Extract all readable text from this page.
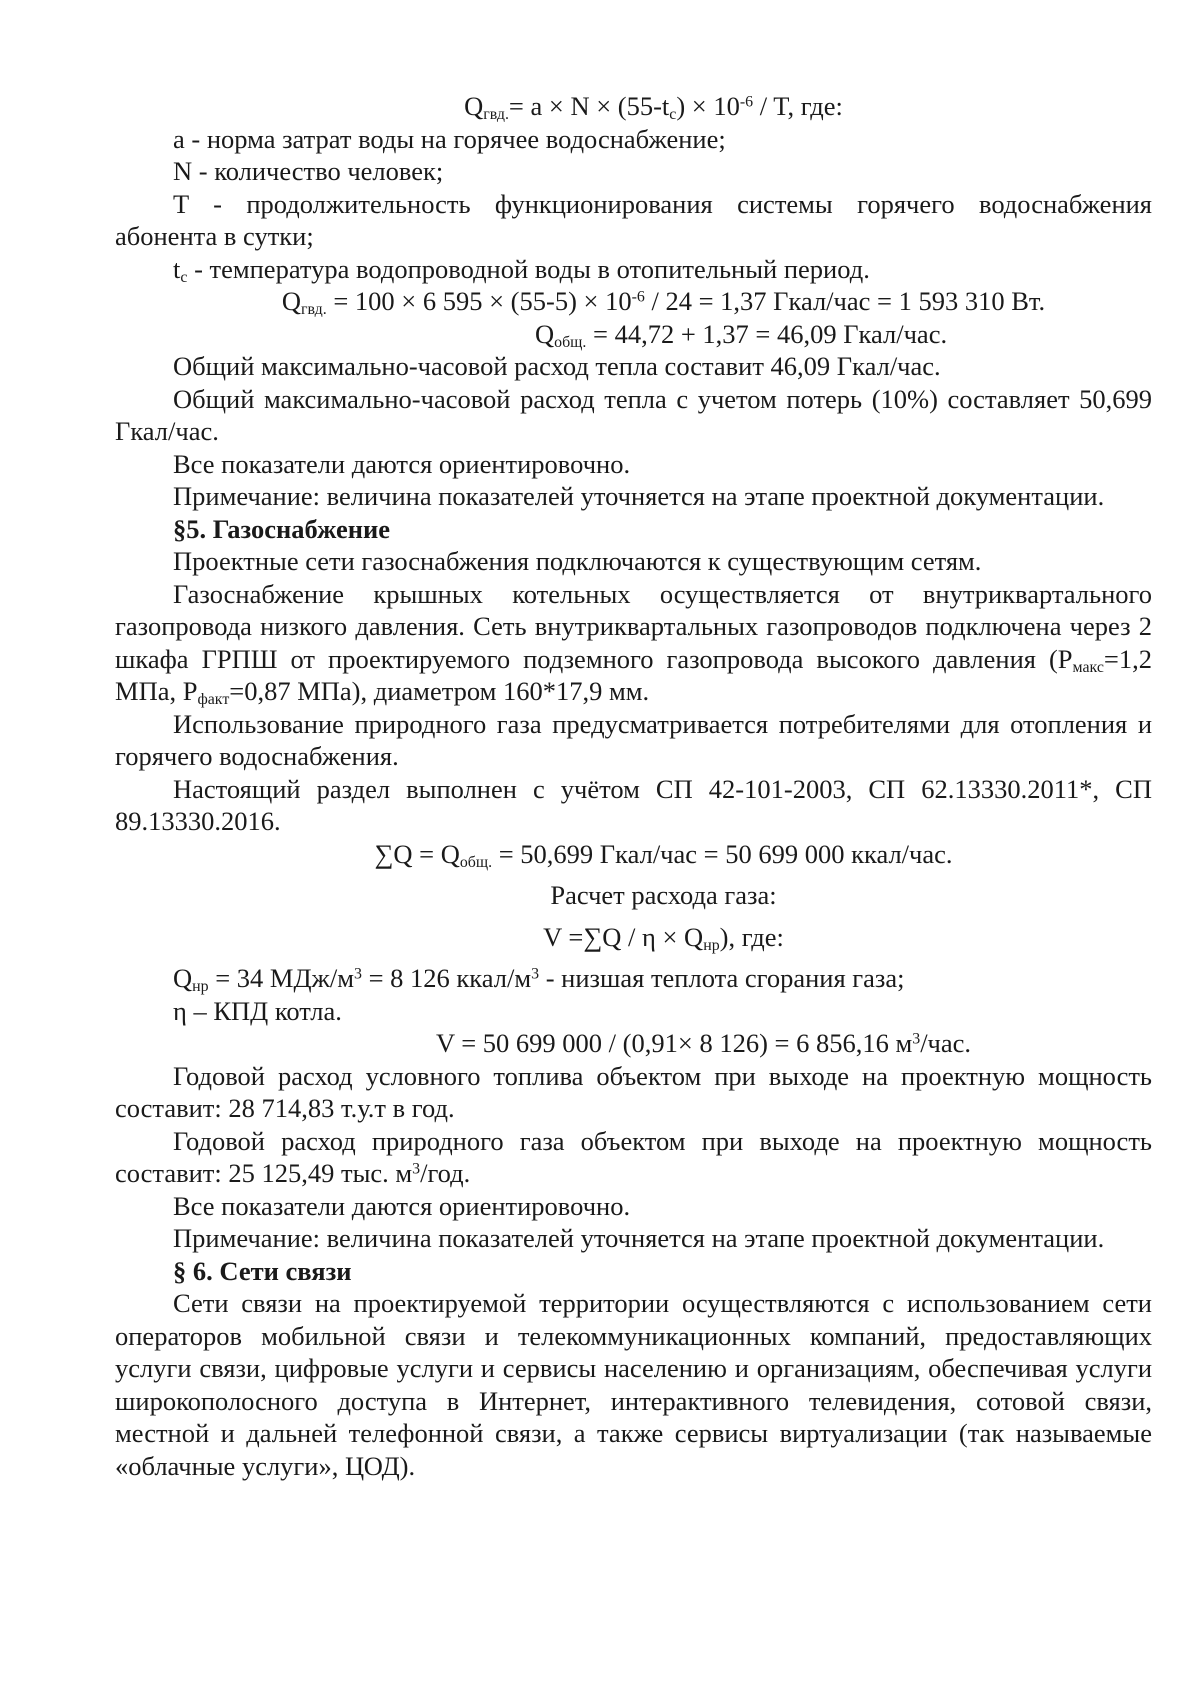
$Q_{гвд.}= a \times N \times (55-t_с) \times 10^{-6} / T$, где:

а - норма затрат воды на горячее водоснабжение;

N - количество человек;

T - продолжительность функционирования системы горячего водоснабжения абонента в сутки;

$t_с$ - температура водопроводной воды в отопительный период.

$Q_{гвд.} = 100 \times 6$ $595 \times (55-5) \times 10^{-6} / 24 = 1,37$ Гкал/час = 1 593 310 Вт.

$Q_{общ.} = 44,72 + 1,37 = 46,09$ Гкал/час.

Общий максимально-часовой расход тепла составит 46,09 Гкал/час.

Общий максимально-часовой расход тепла с учетом потерь (10%) составляет 50,699 Гкал/час.

Все показатели даются ориентировочно.

Примечание: величина показателей уточняется на этапе проектной документации.

§5. Газоснабжение

Проектные сети газоснабжения подключаются к существующим сетям.

Газоснабжение крышных котельных осуществляется от внутриквартального газопровода низкого давления. Сеть внутриквартальных газопроводов подключена через 2 шкафа ГРПШ от проектируемого подземного газопровода высокого давления ($Р_{макс}=1,2$ МПа, $Р_{факт}=0,87$ МПа), диаметром 160*17,9 мм.

Использование природного газа предусматривается потребителями для отопления и горячего водоснабжения.

Настоящий раздел выполнен с учётом СП 42-101-2003, СП 62.13330.2011*, СП 89.13330.2016.

$\sum Q = Q_{общ.} = 50,699$ Гкал/час = 50 699 000 ккал/час.

Расчет расхода газа:

$V =\sum Q / \eta \times Q_{нр}$), где:

$Q_{нр} = 34$ МДж/$м^3 = 8$ 126 ккал/$м^3$ - низшая теплота сгорания газа;

η – КПД котла.

V = 50 699 000 / (0,91× 8 126) = 6 856,16 $м^3$/час.

Годовой расход условного топлива объектом при выходе на проектную мощность составит: 28 714,83 т.у.т в год.

Годовой расход природного газа объектом при выходе на проектную мощность составит: 25 125,49 тыс. $м^3$/год.

Все показатели даются ориентировочно.

Примечание: величина показателей уточняется на этапе проектной документации.

§ 6. Сети связи

Сети связи на проектируемой территории осуществляются с использованием сети операторов мобильной связи и телекоммуникационных компаний, предоставляющих услуги связи, цифровые услуги и сервисы населению и организациям, обеспечивая услуги широкополосного доступа в Интернет, интерактивного телевидения, сотовой связи, местной и дальней телефонной связи, а также сервисы виртуализации (так называемые «облачные услуги», ЦОД).
